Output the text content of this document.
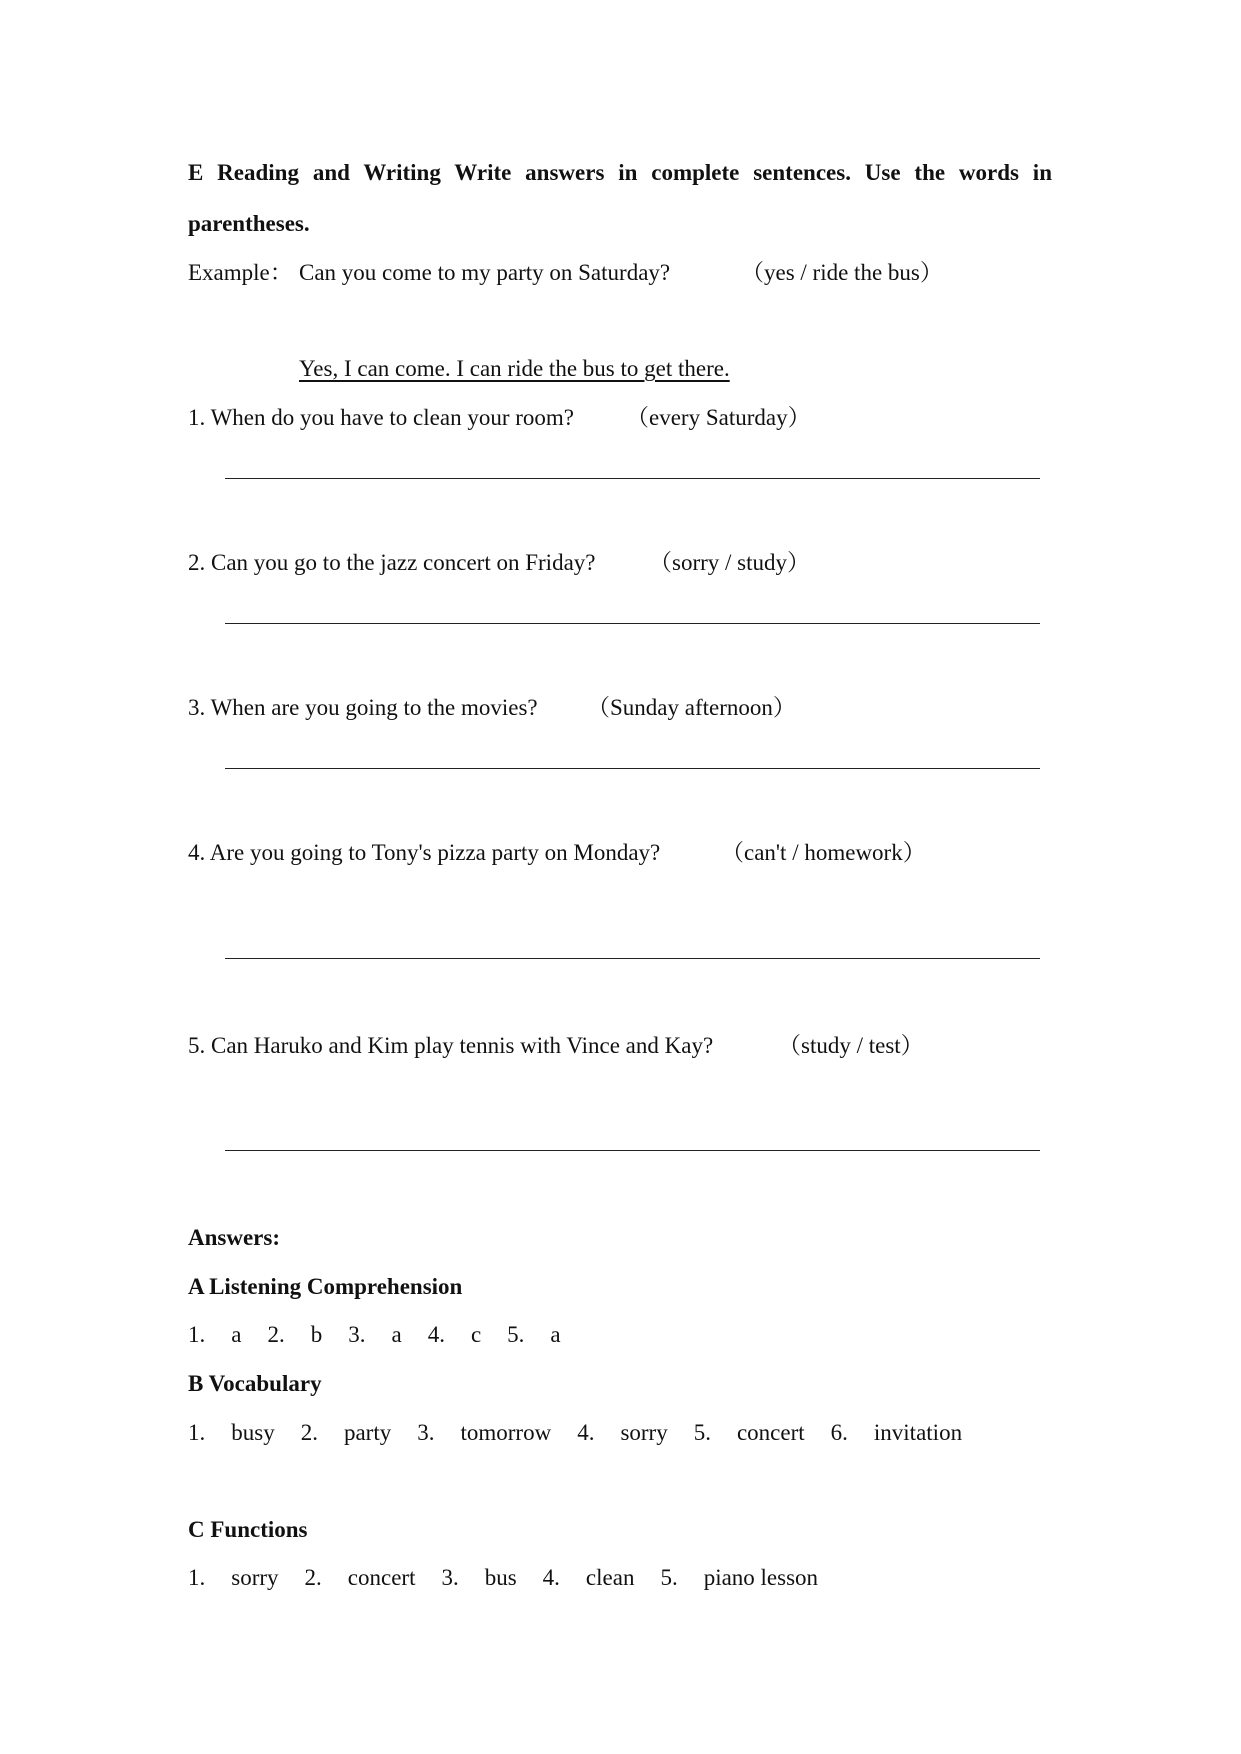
E Reading and Writing Write answers in complete sentences. Use the words in
parentheses.
Example： Can you come to my party on Saturday?	（yes / ride the bus）
Yes, I can come. I can ride the bus to get there.
1. When do you have to clean your room? （every Saturday）
2. Can you go to the jazz concert on Friday? （sorry / study）
3. When are you going to the movies? （Sunday afternoon）
4. Are you going to Tony's pizza party on Monday?	（can't / homework）
5. Can Haruko and Kim play tennis with Vince and Kay?	（study / test）
Answers:
A Listening Comprehension
1. a 2. b 3. a 4. c 5. a
B Vocabulary
1. busy 2. party 3. tomorrow 4. sorry 5. concert 6. invitation
C Functions
1. sorry 2. concert 3. bus 4. clean 5. piano lesson
